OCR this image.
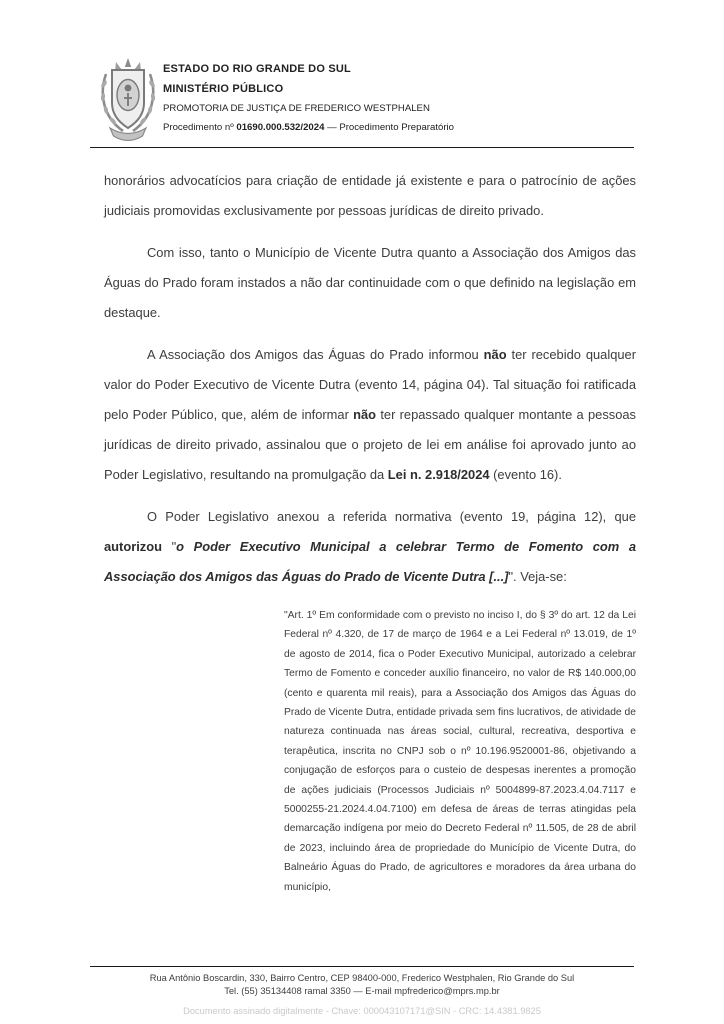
ESTADO DO RIO GRANDE DO SUL
MINISTÉRIO PÚBLICO
PROMOTORIA DE JUSTIÇA DE FREDERICO WESTPHALEN
Procedimento nº 01690.000.532/2024 — Procedimento Preparatório

honorários advocatícios para criação de entidade já existente e para o patrocínio de ações judiciais promovidas exclusivamente por pessoas jurídicas de direito privado.

Com isso, tanto o Município de Vicente Dutra quanto a Associação dos Amigos das Águas do Prado foram instados a não dar continuidade com o que definido na legislação em destaque.

A Associação dos Amigos das Águas do Prado informou não ter recebido qualquer valor do Poder Executivo de Vicente Dutra (evento 14, página 04). Tal situação foi ratificada pelo Poder Público, que, além de informar não ter repassado qualquer montante a pessoas jurídicas de direito privado, assinalou que o projeto de lei em análise foi aprovado junto ao Poder Legislativo, resultando na promulgação da Lei n. 2.918/2024 (evento 16).

O Poder Legislativo anexou a referida normativa (evento 19, página 12), que autorizou "o Poder Executivo Municipal a celebrar Termo de Fomento com a Associação dos Amigos das Águas do Prado de Vicente Dutra [...]". Veja-se:

"Art. 1º Em conformidade com o previsto no inciso I, do § 3º do art. 12 da Lei Federal nº 4.320, de 17 de março de 1964 e a Lei Federal nº 13.019, de 1º de agosto de 2014, fica o Poder Executivo Municipal, autorizado a celebrar Termo de Fomento e conceder auxílio financeiro, no valor de R$ 140.000,00 (cento e quarenta mil reais), para a Associação dos Amigos das Águas do Prado de Vicente Dutra, entidade privada sem fins lucrativos, de atividade de natureza continuada nas áreas social, cultural, recreativa, desportiva e terapêutica, inscrita no CNPJ sob o nº 10.196.9520001-86, objetivando a conjugação de esforços para o custeio de despesas inerentes a promoção de ações judiciais (Processos Judiciais nº 5004899-87.2023.4.04.7117 e 5000255-21.2024.4.04.7100) em defesa de áreas de terras atingidas pela demarcação indígena por meio do Decreto Federal nº 11.505, de 28 de abril de 2023, incluindo área de propriedade do Município de Vicente Dutra, do Balneário Águas do Prado, de agricultores e moradores da área urbana do município,
Rua Antônio Boscardin, 330, Bairro Centro, CEP 98400-000, Frederico Westphalen, Rio Grande do Sul
Tel. (55) 35134408 ramal 3350 — E-mail mpfrederico@mprs.mp.br
Documento assinado digitalmente - Chave: 000043107171@SIN - CRC: 14.4381.9825
